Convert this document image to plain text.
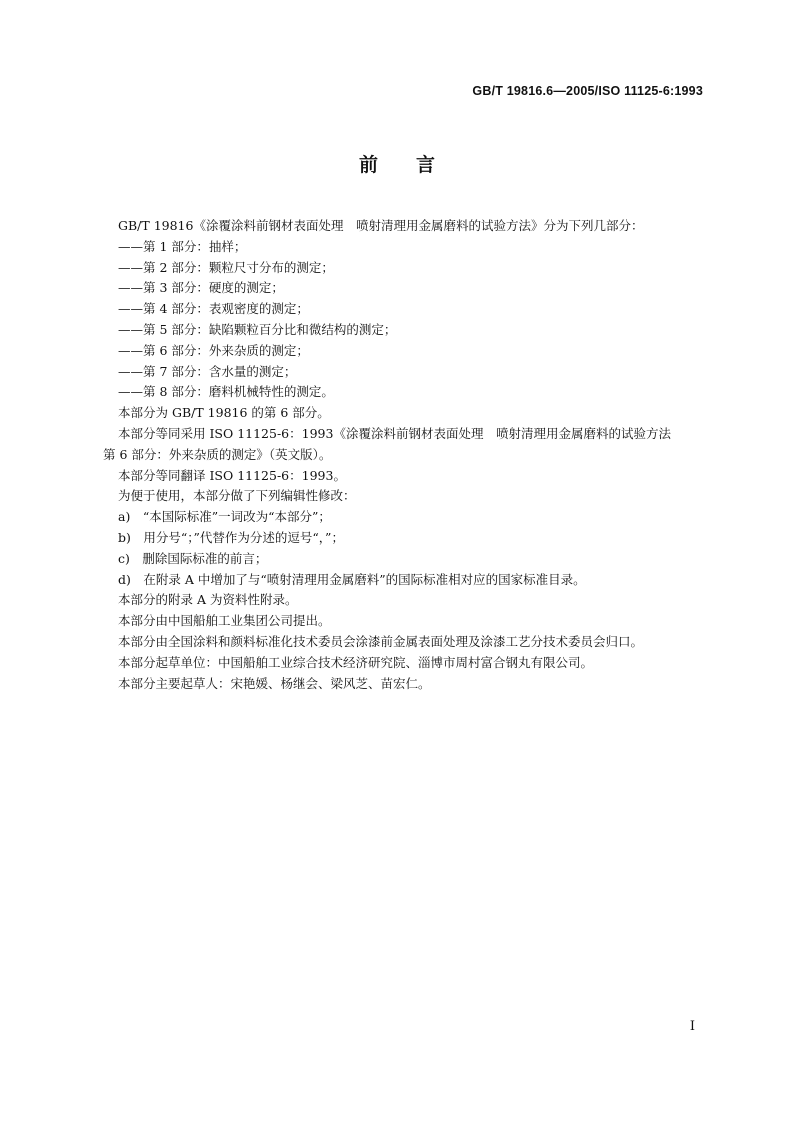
GB/T 19816.6—2005/ISO 11125-6:1993
前言
GB/T 19816《涂覆涂料前钢材表面处理　喷射清理用金属磨料的试验方法》分为下列几部分：
——第 1 部分：抽样；
——第 2 部分：颗粒尺寸分布的测定；
——第 3 部分：硬度的测定；
——第 4 部分：表观密度的测定；
——第 5 部分：缺陷颗粒百分比和微结构的测定；
——第 6 部分：外来杂质的测定；
——第 7 部分：含水量的测定；
——第 8 部分：磨料机械特性的测定。
本部分为 GB/T 19816 的第 6 部分。
本部分等同采用 ISO 11125-6：1993《涂覆涂料前钢材表面处理　喷射清理用金属磨料的试验方法
第 6 部分：外来杂质的测定》（英文版）。
本部分等同翻译 ISO 11125-6：1993。
为便于使用，本部分做了下列编辑性修改：
a)　“本国际标准”一词改为“本部分”；
b)　用分号“；”代替作为分述的逗号“，”；
c)　删除国际标准的前言；
d)　在附录 A 中增加了与“喷射清理用金属磨料”的国际标准相对应的国家标准目录。
本部分的附录 A 为资料性附录。
本部分由中国船舶工业集团公司提出。
本部分由全国涂料和颜料标准化技术委员会涂漆前金属表面处理及涂漆工艺分技术委员会归口。
本部分起草单位：中国船舶工业综合技术经济研究院、淄博市周村富合钢丸有限公司。
本部分主要起草人：宋艳媛、杨继会、梁风芝、苗宏仁。
I
